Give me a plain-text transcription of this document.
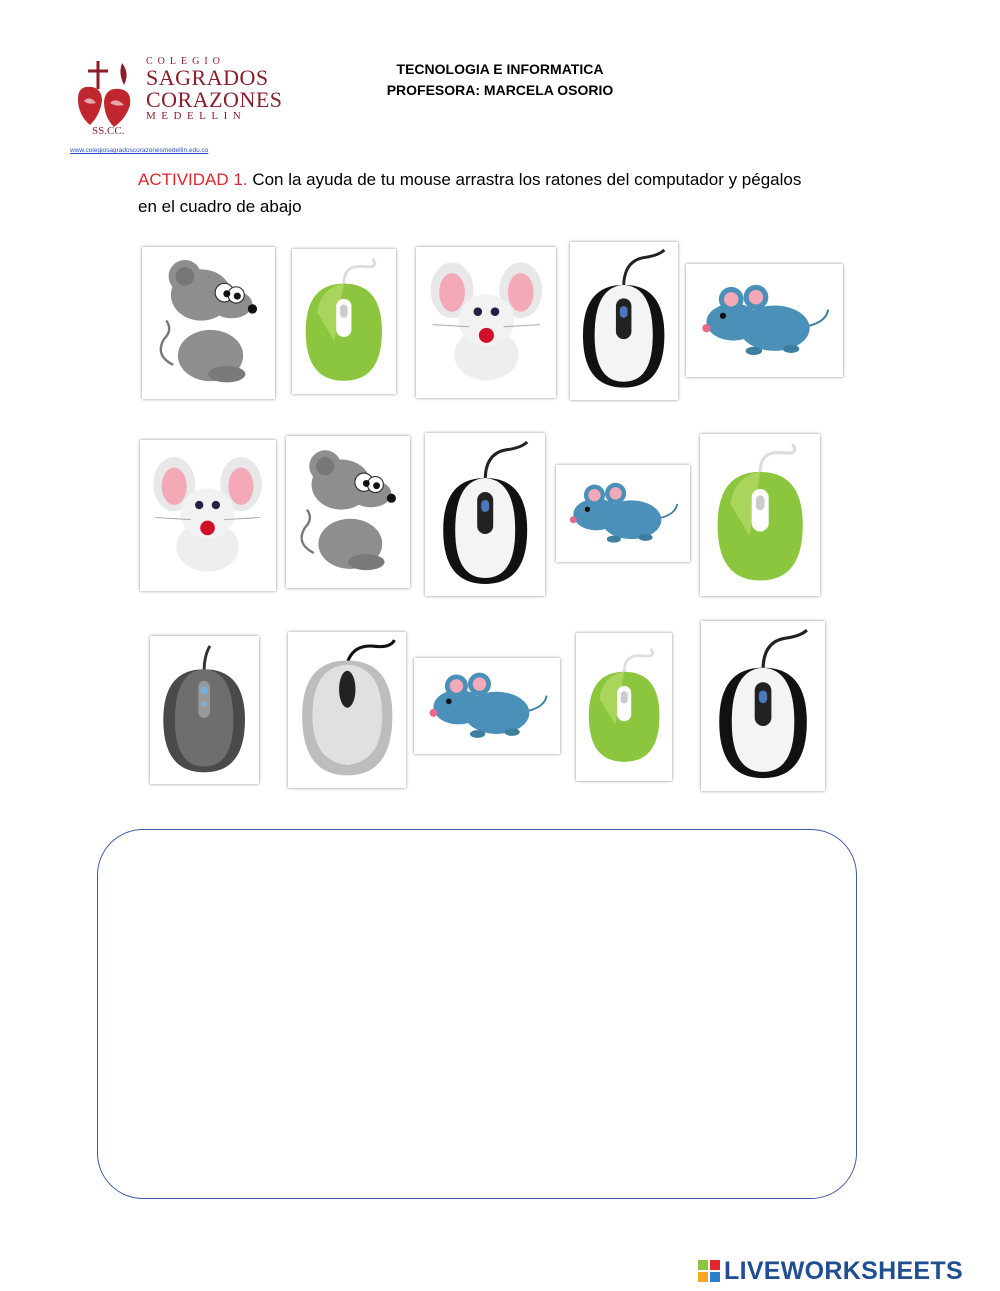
COLEGIO
SAGRADOS
CORAZONES
MEDELLIN
SS.CC.
www.colegiosagradoscorazonesmedellin.edu.co
TECNOLOGIA E INFORMATICA
PROFESORA: MARCELA OSORIO
ACTIVIDAD 1. Con la ayuda de tu mouse arrastra los ratones del computador y pégalos en el cuadro de abajo
LIVEWORKSHEETS
